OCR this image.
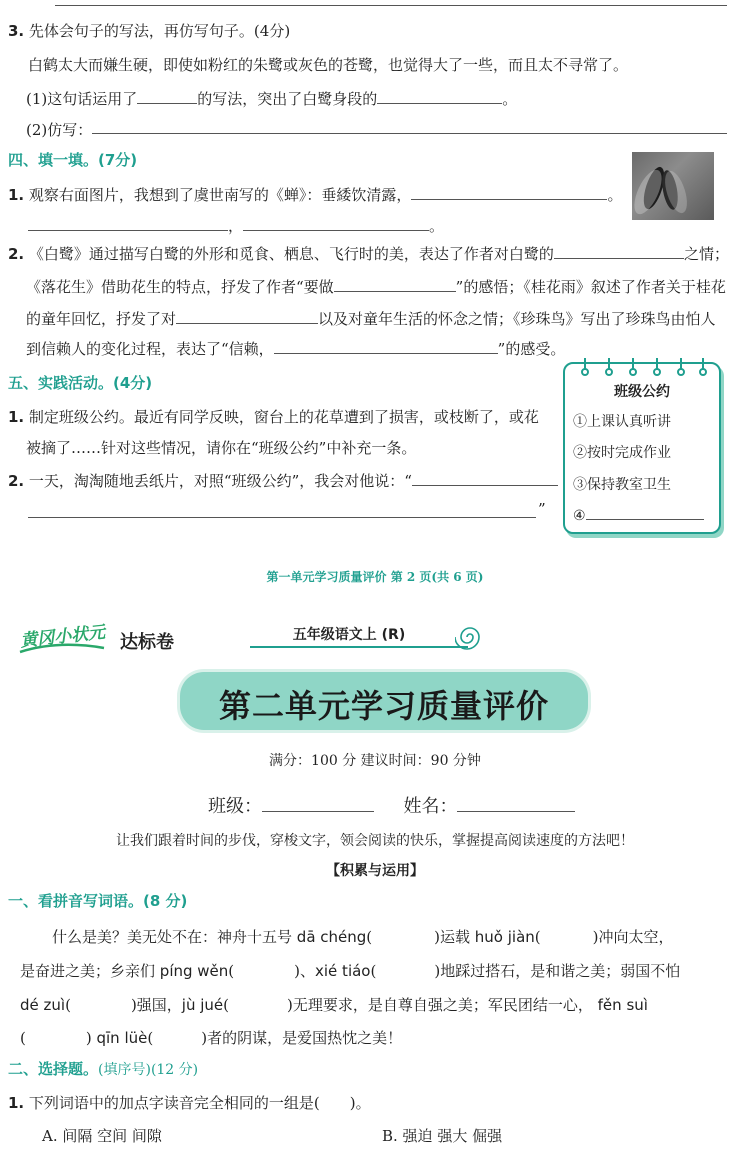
3. 先体会句子的写法，再仿写句子。(4分)
白鹤太大而嫌生硬，即使如粉红的朱鹭或灰色的苍鹭，也觉得大了一些，而且太不寻常了。
(1)这句话运用了	的写法，突出了白鹭身段的	。
(2)仿写：
四、填一填。(7分)
1. 观察右面图片，我想到了虞世南写的《蝉》：垂緌饮清露，	。
，	。
2. 《白鹭》通过描写白鹭的外形和觅食、栖息、飞行时的美，表达了作者对白鹭的	之情；
《落花生》借助花生的特点，抒发了作者“要做	”的感悟；《桂花雨》叙述了作者关于桂花
的童年回忆，抒发了对	以及对童年生活的怀念之情；《珍珠鸟》写出了珍珠鸟由怕人
到信赖人的变化过程，表达了“信赖，	”的感受。
五、实践活动。(4分)
1. 制定班级公约。最近有同学反映，窗台上的花草遭到了损害，或枝断了，或花
被摘了……针对这些情况，请你在“班级公约”中补充一条。
2. 一天，淘淘随地丢纸片，对照“班级公约”，我会对他说：“
”
班级公约
①上课认真听讲
②按时完成作业
③保持教室卫生
④
第一单元学习质量评价 第 2 页(共 6 页)
黄冈小状元 达标卷	五年级语文上 (R)
第二单元学习质量评价
满分：100 分 建议时间：90 分钟
班级：	姓名：
让我们跟着时间的步伐，穿梭文字，领会阅读的快乐，掌握提高阅读速度的方法吧！
【积累与运用】
一、看拼音写词语。(8 分)
什么是美？美无处不在：神舟十五号 dā chéng(	)运载 huǒ jiàn(	)冲向太空，
是奋进之美；乡亲们 píng wěn(	)、xié tiáo(	)地踩过搭石，是和谐之美；弱国不怕
dé zuì(	)强国，jù jué(	)无理要求，是自尊自强之美；军民团结一心， fěn suì
(	) qīn lüè(	)者的阴谋，是爱国热忱之美！
二、选择题。(填序号)(12 分)
1. 下列词语中的加点字读音完全相同的一组是( )。
A. 间隔 空间 间隙	B. 强迫 强大 倔强
